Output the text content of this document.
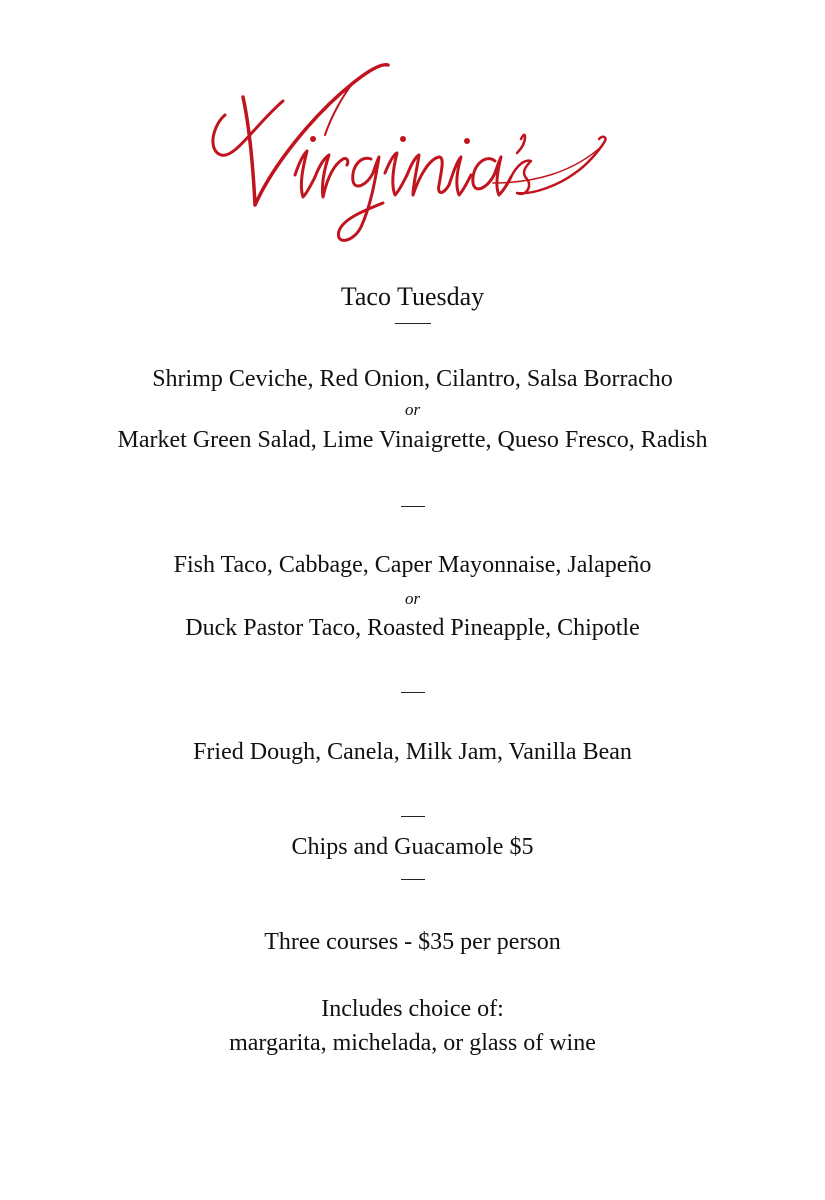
Taco Tuesday
Shrimp Ceviche, Red Onion, Cilantro, Salsa Borracho
or
Market Green Salad, Lime Vinaigrette, Queso Fresco, Radish
Fish Taco, Cabbage, Caper Mayonnaise, Jalapeño
or
Duck Pastor Taco, Roasted Pineapple, Chipotle
Fried Dough, Canela, Milk Jam, Vanilla Bean
Chips and Guacamole $5
Three courses - $35 per person
Includes choice of:
margarita, michelada, or glass of wine
